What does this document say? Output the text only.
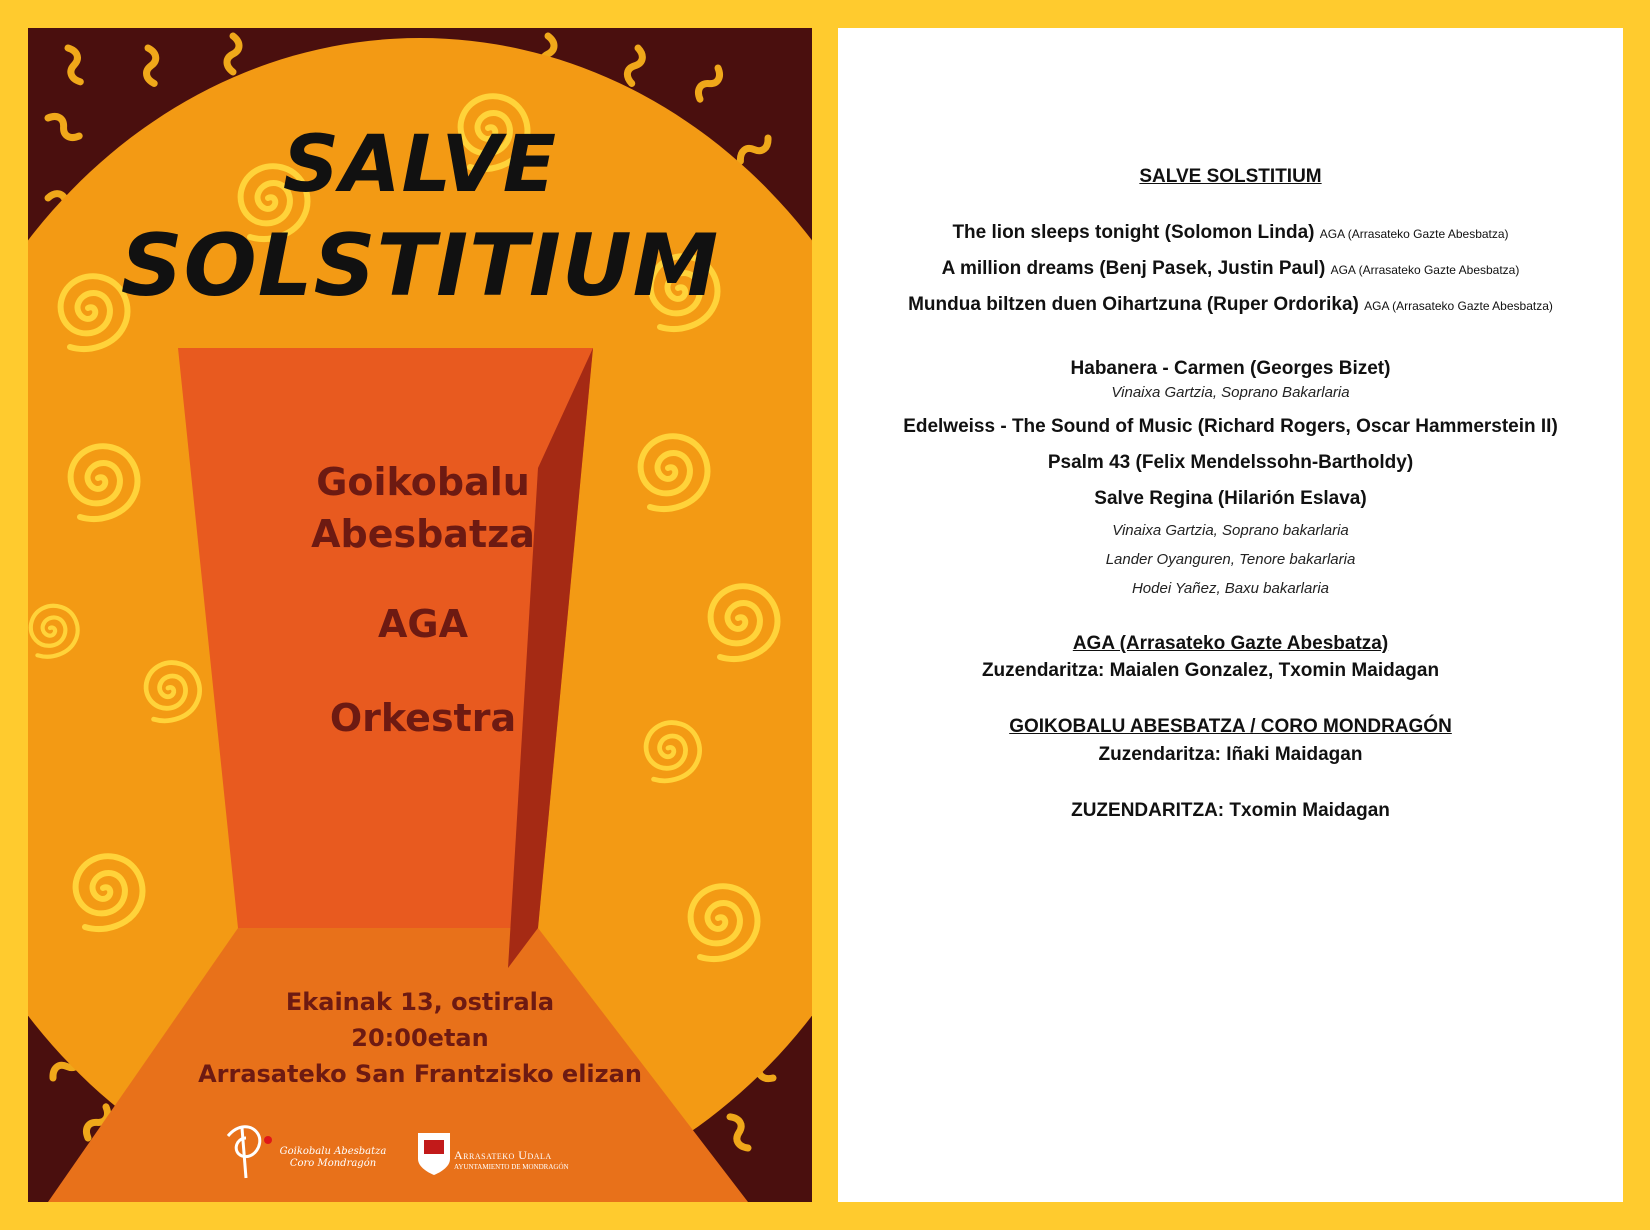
SALVE
SOLSTITIUM
Goikobalu
Abesbatza
AGA
Orkestra
Ekainak 13, ostirala
20:00etan
Arrasateko San Frantzisko elizan
Goikobalu Abesbatza
Coro Mondragón
Arrasateko Udala
AYUNTAMIENTO DE MONDRAGÓN
SALVE SOLSTITIUM
The lion sleeps tonight (Solomon Linda) AGA (Arrasateko Gazte Abesbatza)
A million dreams (Benj Pasek, Justin Paul) AGA (Arrasateko Gazte Abesbatza)
Mundua biltzen duen Oihartzuna (Ruper Ordorika) AGA (Arrasateko Gazte Abesbatza)
Habanera - Carmen (Georges Bizet)
Vinaixa Gartzia, Soprano Bakarlaria
Edelweiss - The Sound of Music (Richard Rogers, Oscar Hammerstein II)
Psalm 43 (Felix Mendelssohn-Bartholdy)
Salve Regina (Hilarión Eslava)
Vinaixa Gartzia, Soprano bakarlaria
Lander Oyanguren, Tenore bakarlaria
Hodei Yañez, Baxu bakarlaria
AGA (Arrasateko Gazte Abesbatza)
Zuzendaritza: Maialen Gonzalez, Txomin Maidagan
GOIKOBALU ABESBATZA / CORO MONDRAGÓN
Zuzendaritza: Iñaki Maidagan
ZUZENDARITZA: Txomin Maidagan
